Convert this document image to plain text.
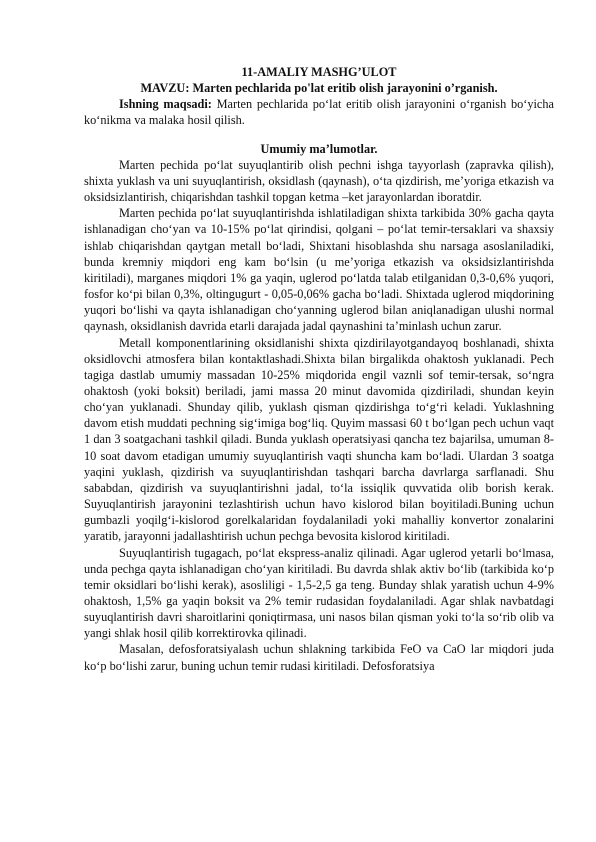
11-AMALIY MASHG’ULOT
MAVZU: Marten pechlarida po'lat eritib olish jarayonini o’rganish.

Ishning maqsadi: Marten pechlarida po‘lat eritib olish jarayonini o‘rganish bo‘yicha ko‘nikma va malaka hosil qilish.

Umumiy ma’lumotlar.

Marten pechida po‘lat suyuqlantirib olish pechni ishga tayyorlash (zapravka qilish), shixta yuklash va uni suyuqlantirish, oksidlash (qaynash), o‘ta qizdirish, me’yoriga etkazish va oksidsizlantirish, chiqarishdan tashkil topgan ketma –ket jarayonlardan iboratdir.

Marten pechida po‘lat suyuqlantirishda ishlatiladigan shixta tarkibida 30% gacha qayta ishlanadigan cho‘yan va 10-15% po‘lat qirindisi, qolgani – po‘lat temir-tersaklari va shaxsiy ishlab chiqarishdan qaytgan metall bo‘ladi, Shixtani hisoblashda shu narsaga asoslaniladiki, bunda kremniy miqdori eng kam bo‘lsin (u me’yoriga etkazish va oksidsizlantirishda kiritiladi), marganes miqdori 1% ga yaqin, uglerod po‘latda talab etilganidan 0,3-0,6% yuqori, fosfor ko‘pi bilan 0,3%, oltingugurt - 0,05-0,06% gacha bo‘ladi. Shixtada uglerod miqdorining yuqori bo‘lishi va qayta ishlanadigan cho‘yanning uglerod bilan aniqlanadigan ulushi normal qaynash, oksidlanish davrida etarli darajada jadal qaynashini ta’minlash uchun zarur.

Metall komponentlarining oksidlanishi shixta qizdirilayotgandayoq boshlanadi, shixta oksidlovchi atmosfera bilan kontaktlashadi.Shixta bilan birgalikda ohaktosh yuklanadi. Pech tagiga dastlab umumiy massadan 10-25% miqdorida engil vaznli sof temir-tersak, so‘ngra ohaktosh (yoki boksit) beriladi, jami massa 20 minut davomida qizdiriladi, shundan keyin cho‘yan yuklanadi. Shunday qilib, yuklash qisman qizdirishga to‘g‘ri keladi. Yuklashning davom etish muddati pechning sig‘imiga bog‘liq. Quyim massasi 60 t bo‘lgan pech uchun vaqt 1 dan 3 soatgachani tashkil qiladi. Bunda yuklash operatsiyasi qancha tez bajarilsa, umuman 8-10 soat davom etadigan umumiy suyuqlantirish vaqti shuncha kam bo‘ladi. Ulardan 3 soatga yaqini yuklash, qizdirish va suyuqlantirishdan tashqari barcha davrlarga sarflanadi. Shu sababdan, qizdirish va suyuqlantirishni jadal, to‘la issiqlik quvvatida olib borish kerak. Suyuqlantirish jarayonini tezlashtirish uchun havo kislorod bilan boyitiladi.Buning uchun gumbazli yoqilg‘i-kislorod gorelkalaridan foydalaniladi yoki mahalliy konvertor zonalarini yaratib, jarayonni jadallashtirish uchun pechga bevosita kislorod kiritiladi.

Suyuqlantirish tugagach, po‘lat ekspress-analiz qilinadi. Agar uglerod yetarli bo‘lmasa, unda pechga qayta ishlanadigan cho‘yan kiritiladi. Bu davrda shlak aktiv bo‘lib (tarkibida ko‘p temir oksidlari bo‘lishi kerak), asosliligi - 1,5-2,5 ga teng. Bunday shlak yaratish uchun 4-9% ohaktosh, 1,5% ga yaqin boksit va 2% temir rudasidan foydalaniladi. Agar shlak navbatdagi suyuqlantirish davri sharoitlarini qoniqtirmasa, uni nasos bilan qisman yoki to‘la so‘rib olib va yangi shlak hosil qilib korrektirovka qilinadi.

Masalan, defosforatsiyalash uchun shlakning tarkibida FeO va CaO lar miqdori juda ko‘p bo‘lishi zarur, buning uchun temir rudasi kiritiladi. Defosforatsiya
